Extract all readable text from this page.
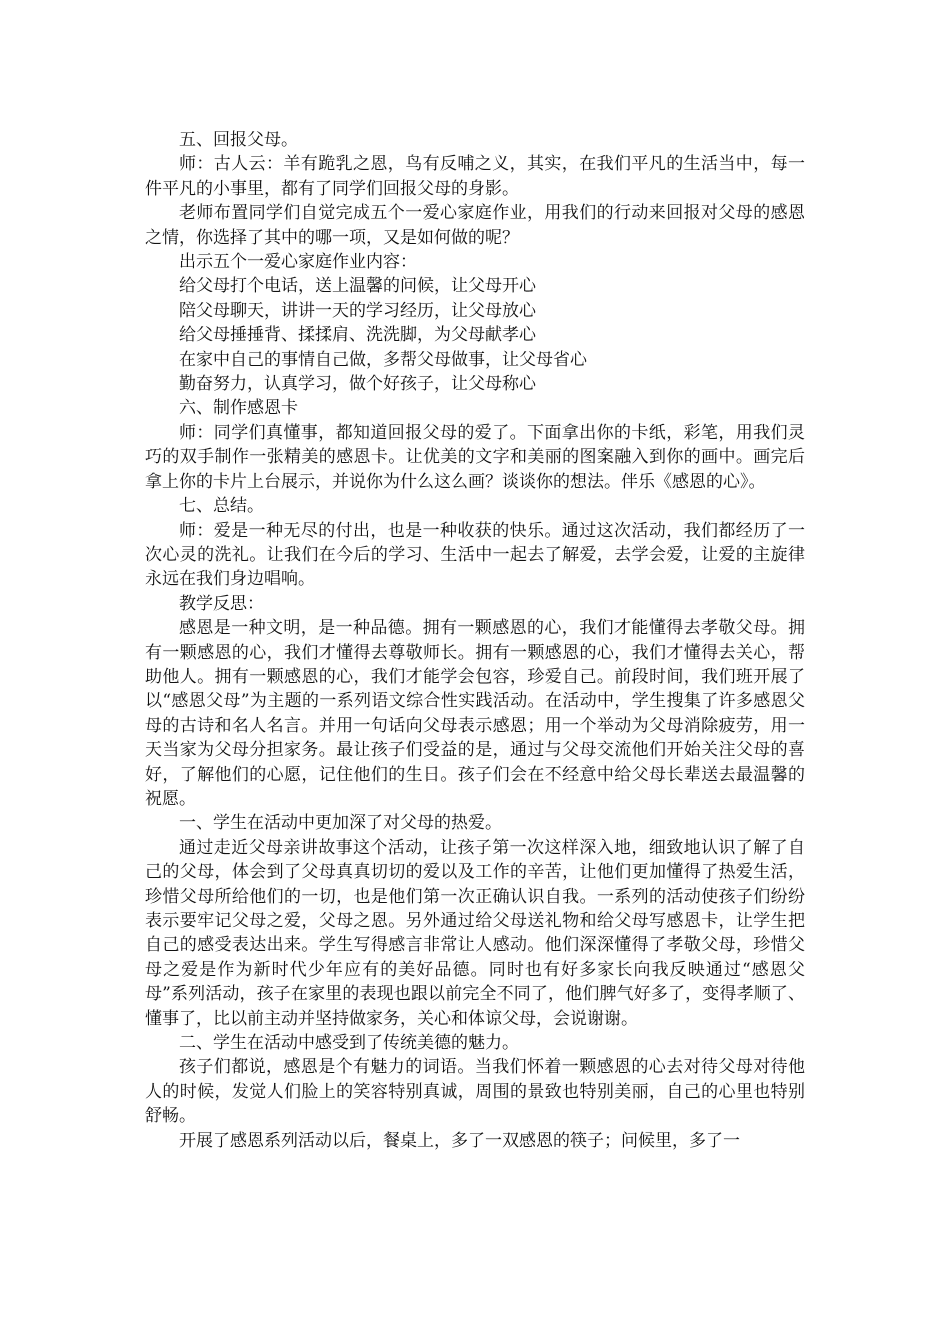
五、回报父母。

师：古人云：羊有跪乳之恩，鸟有反哺之义，其实，在我们平凡的生活当中，每一件平凡的小事里，都有了同学们回报父母的身影。

老师布置同学们自觉完成五个一爱心家庭作业，用我们的行动来回报对父母的感恩之情，你选择了其中的哪一项，又是如何做的呢？

出示五个一爱心家庭作业内容：

给父母打个电话，送上温馨的问候，让父母开心

陪父母聊天，讲讲一天的学习经历，让父母放心

给父母捶捶背、揉揉肩、洗洗脚，为父母献孝心

在家中自己的事情自己做，多帮父母做事，让父母省心

勤奋努力，认真学习，做个好孩子，让父母称心

六、制作感恩卡

师：同学们真懂事，都知道回报父母的爱了。下面拿出你的卡纸，彩笔，用我们灵巧的双手制作一张精美的感恩卡。让优美的文字和美丽的图案融入到你的画中。画完后拿上你的卡片上台展示，并说你为什么这么画？谈谈你的想法。伴乐《感恩的心》。

七、总结。

师：爱是一种无尽的付出，也是一种收获的快乐。通过这次活动，我们都经历了一次心灵的洗礼。让我们在今后的学习、生活中一起去了解爱，去学会爱，让爱的主旋律永远在我们身边唱响。

教学反思：

感恩是一种文明，是一种品德。拥有一颗感恩的心，我们才能懂得去孝敬父母。拥有一颗感恩的心，我们才懂得去尊敬师长。拥有一颗感恩的心，我们才懂得去关心，帮助他人。拥有一颗感恩的心，我们才能学会包容，珍爱自己。前段时间，我们班开展了以“感恩父母”为主题的一系列语文综合性实践活动。在活动中，学生搜集了许多感恩父母的古诗和名人名言。并用一句话向父母表示感恩；用一个举动为父母消除疲劳，用一天当家为父母分担家务。最让孩子们受益的是，通过与父母交流他们开始关注父母的喜好，了解他们的心愿，记住他们的生日。孩子们会在不经意中给父母长辈送去最温馨的祝愿。

一、学生在活动中更加深了对父母的热爱。

通过走近父母亲讲故事这个活动，让孩子第一次这样深入地，细致地认识了解了自己的父母，体会到了父母真真切切的爱以及工作的辛苦，让他们更加懂得了热爱生活，珍惜父母所给他们的一切，也是他们第一次正确认识自我。一系列的活动使孩子们纷纷表示要牢记父母之爱，父母之恩。另外通过给父母送礼物和给父母写感恩卡，让学生把自己的感受表达出来。学生写得感言非常让人感动。他们深深懂得了孝敬父母，珍惜父母之爱是作为新时代少年应有的美好品德。同时也有好多家长向我反映通过“感恩父母”系列活动，孩子在家里的表现也跟以前完全不同了，他们脾气好多了，变得孝顺了、懂事了，比以前主动并坚持做家务，关心和体谅父母，会说谢谢。

二、学生在活动中感受到了传统美德的魅力。

孩子们都说，感恩是个有魅力的词语。当我们怀着一颗感恩的心去对待父母对待他人的时候，发觉人们脸上的笑容特别真诚，周围的景致也特别美丽，自己的心里也特别舒畅。

开展了感恩系列活动以后，餐桌上，多了一双感恩的筷子；问候里，多了一
